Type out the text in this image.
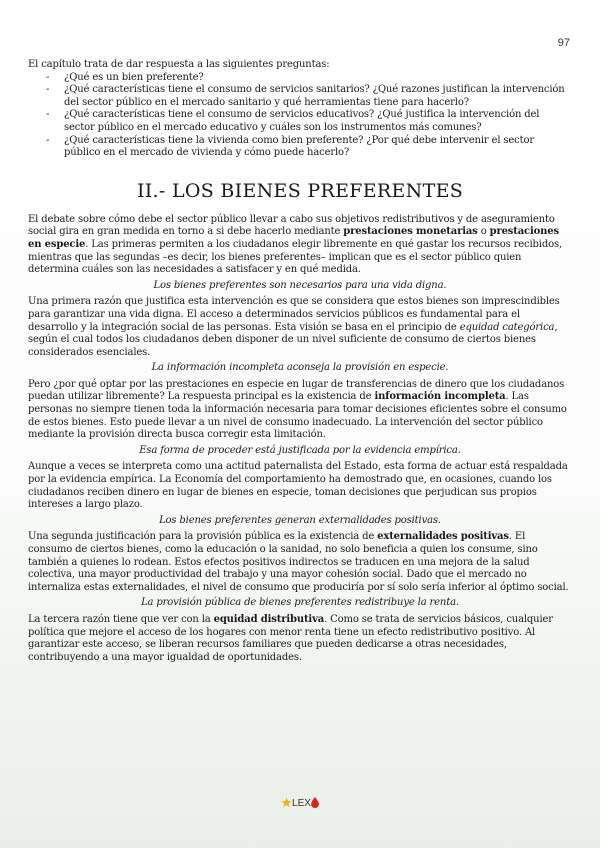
97

El capítulo trata de dar respuesta a las siguientes preguntas:

- ¿Qué es un bien preferente?
- ¿Qué características tiene el consumo de servicios sanitarios? ¿Qué razones justifican la intervención del sector público en el mercado sanitario y qué herramientas tiene para hacerlo?
- ¿Qué características tiene el consumo de servicios educativos? ¿Qué justifica la intervención del sector público en el mercado educativo y cuáles son los instrumentos más comunes?
- ¿Qué características tiene la vivienda como bien preferente? ¿Por qué debe intervenir el sector público en el mercado de vivienda y cómo puede hacerlo?
II.- LOS BIENES PREFERENTES

El debate sobre cómo debe el sector público llevar a cabo sus objetivos redistributivos y de aseguramiento social gira en gran medida en torno a si debe hacerlo mediante prestaciones monetarias o prestaciones en especie. Las primeras permiten a los ciudadanos elegir libremente en qué gastar los recursos recibidos, mientras que las segundas –es decir, los bienes preferentes– implican que es el sector público quien determina cuáles son las necesidades a satisfacer y en qué medida.

Los bienes preferentes son necesarios para una vida digna.

Una primera razón que justifica esta intervención es que se considera que estos bienes son imprescindibles para garantizar una vida digna. El acceso a determinados servicios públicos es fundamental para el desarrollo y la integración social de las personas. Esta visión se basa en el principio de equidad categórica, según el cual todos los ciudadanos deben disponer de un nivel suficiente de consumo de ciertos bienes considerados esenciales.

La información incompleta aconseja la provisión en especie.

Pero ¿por qué optar por las prestaciones en especie en lugar de transferencias de dinero que los ciudadanos puedan utilizar libremente? La respuesta principal es la existencia de información incompleta. Las personas no siempre tienen toda la información necesaria para tomar decisiones eficientes sobre el consumo de estos bienes. Esto puede llevar a un nivel de consumo inadecuado. La intervención del sector público mediante la provisión directa busca corregir esta limitación.

Esa forma de proceder está justificada por la evidencia empírica.

Aunque a veces se interpreta como una actitud paternalista del Estado, esta forma de actuar está respaldada por la evidencia empírica. La Economía del comportamiento ha demostrado que, en ocasiones, cuando los ciudadanos reciben dinero en lugar de bienes en especie, toman decisiones que perjudican sus propios intereses a largo plazo.

Los bienes preferentes generan externalidades positivas.

Una segunda justificación para la provisión pública es la existencia de externalidades positivas. El consumo de ciertos bienes, como la educación o la sanidad, no solo beneficia a quien los consume, sino también a quienes lo rodean. Estos efectos positivos indirectos se traducen en una mejora de la salud colectiva, una mayor productividad del trabajo y una mayor cohesión social. Dado que el mercado no internaliza estas externalidades, el nivel de consumo que produciría por sí solo sería inferior al óptimo social.

La provisión pública de bienes preferentes redistribuye la renta.

La tercera razón tiene que ver con la equidad distributiva. Como se trata de servicios básicos, cualquier política que mejore el acceso de los hogares con menor renta tiene un efecto redistributivo positivo. Al garantizar este acceso, se liberan recursos familiares que pueden dedicarse a otras necesidades, contribuyendo a una mayor igualdad de oportunidades.

LEX
